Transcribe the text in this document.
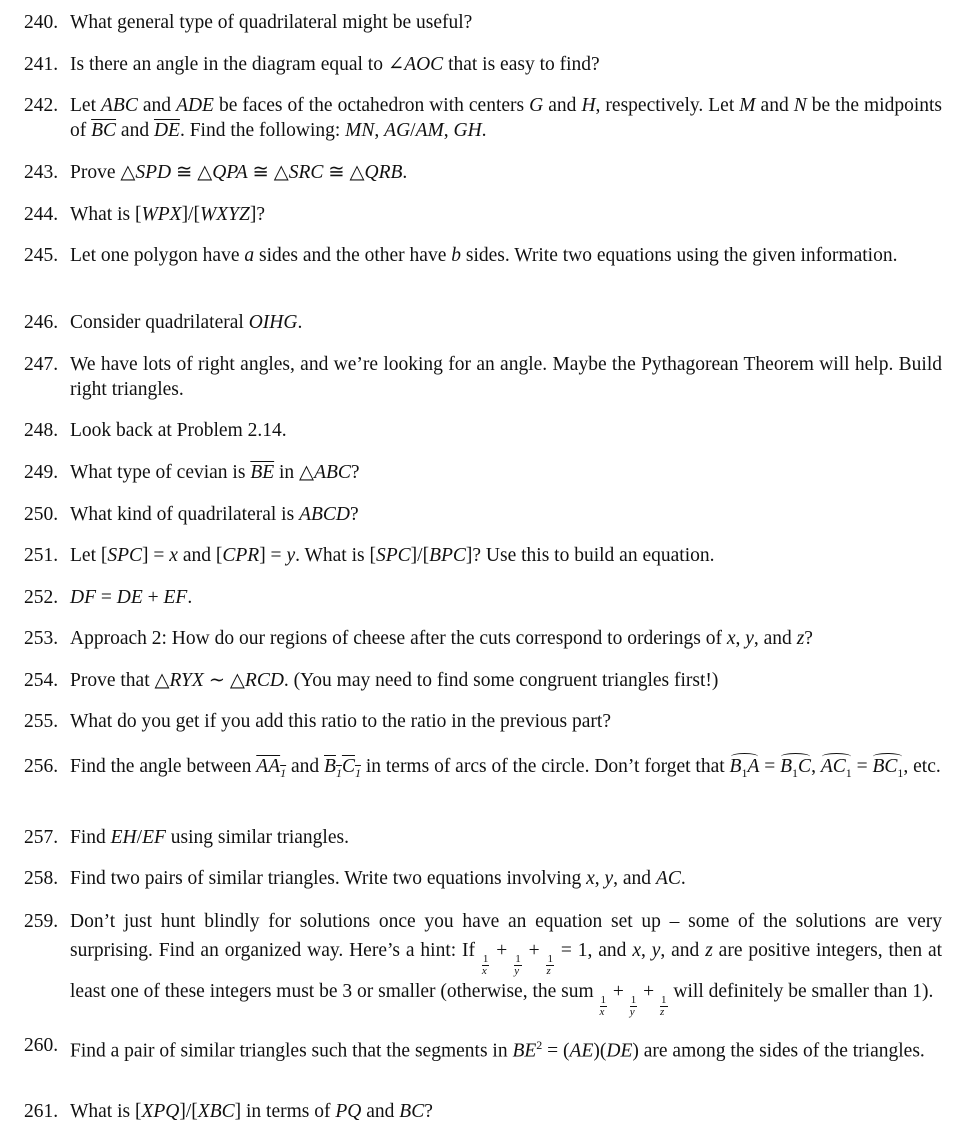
240. What general type of quadrilateral might be useful?
241. Is there an angle in the diagram equal to ∠AOC that is easy to find?
242. Let ABC and ADE be faces of the octahedron with centers G and H, respectively. Let M and N be the midpoints of $\overline{BC}$ and $\overline{DE}$. Find the following: MN, AG/AM, GH.
243. Prove △SPD ≅ △QPA ≅ △SRC ≅ △QRB.
244. What is [WPX]/[WXYZ]?
245. Let one polygon have a sides and the other have b sides. Write two equations using the given information.
246. Consider quadrilateral OIHG.
247. We have lots of right angles, and we’re looking for an angle. Maybe the Pythagorean Theorem will help. Build right triangles.
248. Look back at Problem 2.14.
249. What type of cevian is $\overline{BE}$ in △ABC?
250. What kind of quadrilateral is ABCD?
251. Let [SPC] = x and [CPR] = y. What is [SPC]/[BPC]? Use this to build an equation.
252. DF = DE + EF.
253. Approach 2: How do our regions of cheese after the cuts correspond to orderings of x, y, and z?
254. Prove that △RYX ∼ △RCD. (You may need to find some congruent triangles first!)
255. What do you get if you add this ratio to the ratio in the previous part?
256. Find the angle between $AA_1$ and $B_1C_1$ in terms of arcs of the circle. Don’t forget that $B_1A = B_1C$, $AC_1 = BC_1$, etc.
257. Find EH/EF using similar triangles.
258. Find two pairs of similar triangles. Write two equations involving x, y, and AC.
259. Don’t just hunt blindly for solutions once you have an equation set up – some of the solutions are very surprising. Find an organized way. Here’s a hint: If
$\frac{1}{x}$
+
$\frac{1}{y}$
+
$\frac{1}{z}$
= 1, and x, y, and z are positive integers, then at least one of these integers must be 3 or smaller (otherwise, the sum
$\frac{1}{x}$
+
$\frac{1}{y}$
+
$\frac{1}{z}$
will definitely be smaller than 1).
260. Find a pair of similar triangles such that the segments in $BE^2 = (AE)(DE)$ are among the sides of the triangles.
261. What is [XPQ]/[XBC] in terms of PQ and BC?
